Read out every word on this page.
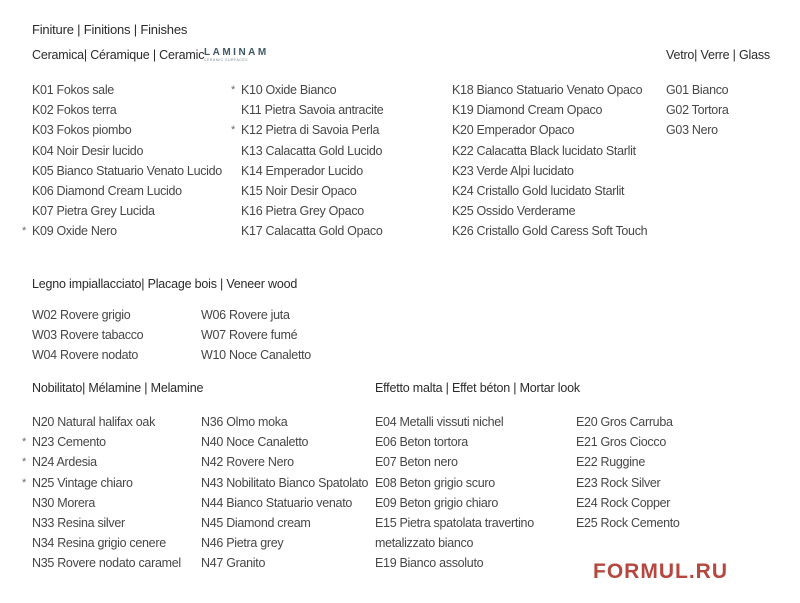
Finiture | Finitions | Finishes
Ceramica| Céramique | Ceramic LAMINAM
CERAMIC SURFACES
K01 Fokos sale
K02 Fokos terra
K03 Fokos piombo
K04 Noir Desir lucido
K05 Bianco Statuario Venato Lucido
K06 Diamond Cream Lucido
K07 Pietra Grey Lucida
* K09 Oxide Nero
* K10 Oxide Bianco
K11 Pietra Savoia antracite
* K12 Pietra di Savoia Perla
K13 Calacatta Gold Lucido
K14 Emperador Lucido
K15 Noir Desir Opaco
K16 Pietra Grey Opaco
K17 Calacatta Gold Opaco
K18 Bianco Statuario Venato Opaco
K19 Diamond Cream Opaco
K20 Emperador Opaco
K22 Calacatta Black lucidato Starlit
K23 Verde Alpi lucidato
K24 Cristallo Gold lucidato Starlit
K25 Ossido Verderame
K26 Cristallo Gold Caress Soft Touch
Vetro| Verre | Glass
G01 Bianco
G02 Tortora
G03 Nero
Legno impiallacciato| Placage bois | Veneer wood
W02 Rovere grigio
W03 Rovere tabacco
W04 Rovere nodato
W06 Rovere juta
W07 Rovere fumé
W10 Noce Canaletto
Nobilitato| Mélamine | Melamine
N20 Natural halifax oak
* N23 Cemento
* N24 Ardesia
* N25 Vintage chiaro
N30 Morera
N33 Resina silver
N34 Resina grigio cenere
N35 Rovere nodato caramel
N36 Olmo moka
N40 Noce Canaletto
N42 Rovere Nero
N43 Nobilitato Bianco Spatolato
N44 Bianco Statuario venato
N45 Diamond cream
N46 Pietra grey
N47 Granito
Effetto malta | Effet béton | Mortar look
E04 Metalli vissuti nichel
E06 Beton tortora
E07 Beton nero
E08 Beton grigio scuro
E09 Beton grigio chiaro
E15 Pietra spatolata travertino
metalizzato bianco
E19 Bianco assoluto
E20 Gros Carruba
E21 Gros Ciocco
E22 Ruggine
E23 Rock Silver
E24 Rock Copper
E25 Rock Cemento
FORMUL.RU
